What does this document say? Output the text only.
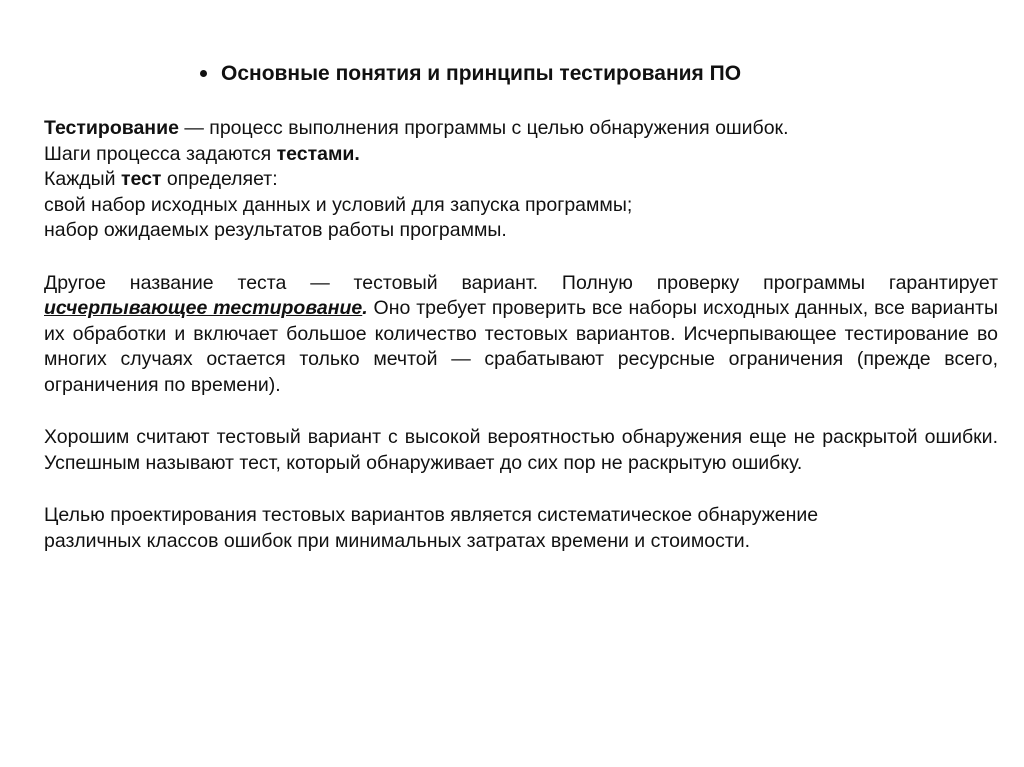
Основные понятия и принципы тестирования ПО

Тестирование — процесс выполнения программы с целью обнаружения ошибок.

Шаги процесса задаются тестами.

Каждый тест определяет:

свой набор исходных данных и условий для запуска программы;

набор ожидаемых результатов работы программы.

Другое название теста — тестовый вариант. Полную проверку программы гарантирует исчерпывающее тестирование. Оно требует проверить все наборы исходных данных, все варианты их обработки и включает большое количество тестовых вариантов. Исчерпывающее тестирование во многих случаях остается только мечтой — срабатывают ресурсные ограничения (прежде всего, ограничения по времени).

Хорошим считают тестовый вариант с высокой вероятностью обнаружения еще не раскрытой ошибки. Успешным называют тест, который обнаруживает до сих пор не раскрытую ошибку.

Целью проектирования тестовых вариантов является систематическое обнаружение

различных классов ошибок при минимальных затратах времени и стоимости.
